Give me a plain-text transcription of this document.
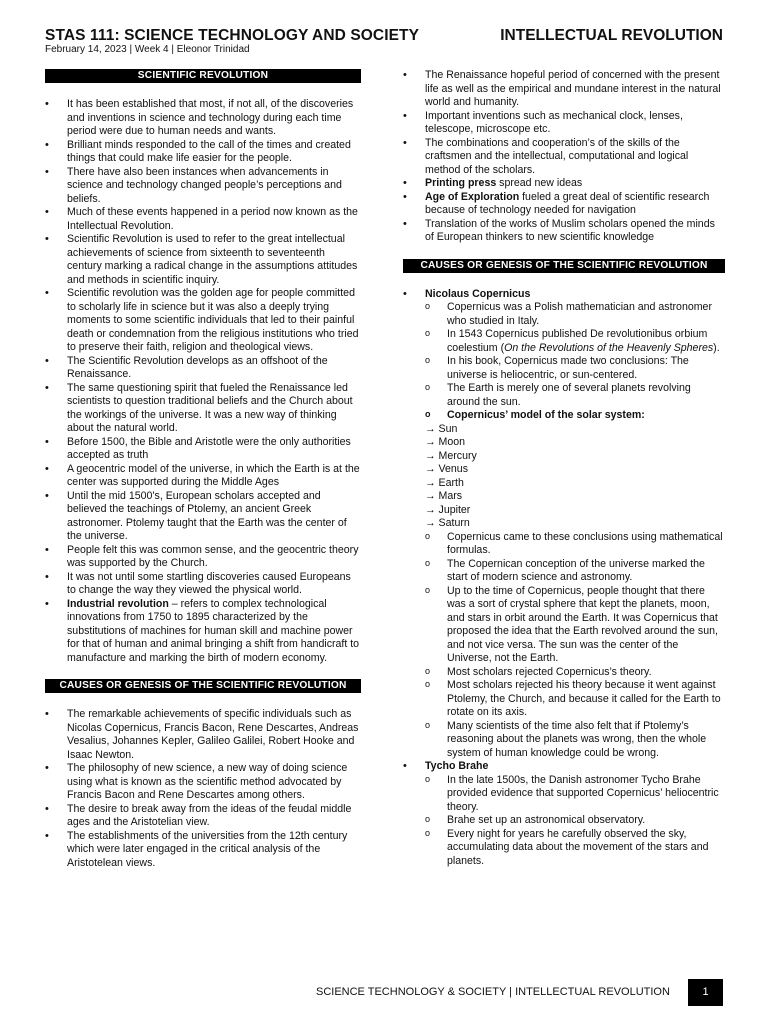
STAS 111: SCIENCE TECHNOLOGY AND SOCIETY	INTELLECTUAL REVOLUTION
February 14, 2023 | Week 4 | Eleonor Trinidad
SCIENTIFIC REVOLUTION
• It has been established that most, if not all, of the discoveries and inventions in science and technology during each time period were due to human needs and wants.
• Brilliant minds responded to the call of the times and created things that could make life easier for the people.
• There have also been instances when advancements in science and technology changed people’s perceptions and beliefs.
• Much of these events happened in a period now known as the Intellectual Revolution.
• Scientific Revolution is used to refer to the great intellectual achievements of science from sixteenth to seventeenth century marking a radical change in the assumptions attitudes and methods in scientific inquiry.
• Scientific revolution was the golden age for people committed to scholarly life in science but it was also a deeply trying moments to some scientific individuals that led to their painful death or condemnation from the religious institutions who tried to preserve their faith, religion and theological views.
• The Scientific Revolution develops as an offshoot of the Renaissance.
• The same questioning spirit that fueled the Renaissance led scientists to question traditional beliefs and the Church about the workings of the universe. It was a new way of thinking about the natural world.
• Before 1500, the Bible and Aristotle were the only authorities accepted as truth
• A geocentric model of the universe, in which the Earth is at the center was supported during the Middle Ages
• Until the mid 1500’s, European scholars accepted and believed the teachings of Ptolemy, an ancient Greek astronomer. Ptolemy taught that the Earth was the center of the universe.
• People felt this was common sense, and the geocentric theory was supported by the Church.
• It was not until some startling discoveries caused Europeans to change the way they viewed the physical world.
• Industrial revolution – refers to complex technological innovations from 1750 to 1895 characterized by the substitutions of machines for human skill and machine power for that of human and animal bringing a shift from handicraft to manufacture and marking the birth of modern economy.
CAUSES OR GENESIS OF THE SCIENTIFIC REVOLUTION
• The remarkable achievements of specific individuals such as Nicolas Copernicus, Francis Bacon, Rene Descartes, Andreas Vesalius, Johannes Kepler, Galileo Galilei, Robert Hooke and Isaac Newton.
• The philosophy of new science, a new way of doing science using what is known as the scientific method advocated by Francis Bacon and Rene Descartes among others.
• The desire to break away from the ideas of the feudal middle ages and the Aristotelian view.
• The establishments of the universities from the 12th century which were later engaged in the critical analysis of the Aristotelean views.
• The Renaissance hopeful period of concerned with the present life as well as the empirical and mundane interest in the natural world and humanity.
• Important inventions such as mechanical clock, lenses, telescope, microscope etc.
• The combinations and cooperation’s of the skills of the craftsmen and the intellectual, computational and logical method of the scholars.
• Printing press spread new ideas
• Age of Exploration fueled a great deal of scientific research because of technology needed for navigation
• Translation of the works of Muslim scholars opened the minds of European thinkers to new scientific knowledge
CAUSES OR GENESIS OF THE SCIENTIFIC REVOLUTION
• Nicolaus Copernicus
o Copernicus was a Polish mathematician and astronomer who studied in Italy.
o In 1543 Copernicus published De revolutionibus orbium coelestium (On the Revolutions of the Heavenly Spheres).
o In his book, Copernicus made two conclusions: The universe is heliocentric, or sun-centered.
o The Earth is merely one of several planets revolving around the sun.
o Copernicus’ model of the solar system:
→ Sun
→ Moon
→ Mercury
→ Venus
→ Earth
→ Mars
→ Jupiter
→ Saturn
o Copernicus came to these conclusions using mathematical formulas.
o The Copernican conception of the universe marked the start of modern science and astronomy.
o Up to the time of Copernicus, people thought that there was a sort of crystal sphere that kept the planets, moon, and stars in orbit around the Earth. It was Copernicus that proposed the idea that the Earth revolved around the sun, and not vice versa. The sun was the center of the Universe, not the Earth.
o Most scholars rejected Copernicus’s theory.
o Most scholars rejected his theory because it went against Ptolemy, the Church, and because it called for the Earth to rotate on its axis.
o Many scientists of the time also felt that if Ptolemy’s reasoning about the planets was wrong, then the whole system of human knowledge could be wrong.
• Tycho Brahe
o In the late 1500s, the Danish astronomer Tycho Brahe provided evidence that supported Copernicus’ heliocentric theory.
o Brahe set up an astronomical observatory.
o Every night for years he carefully observed the sky, accumulating data about the movement of the stars and planets.
SCIENCE TECHNOLOGY & SOCIETY | INTELLECTUAL REVOLUTION	1
